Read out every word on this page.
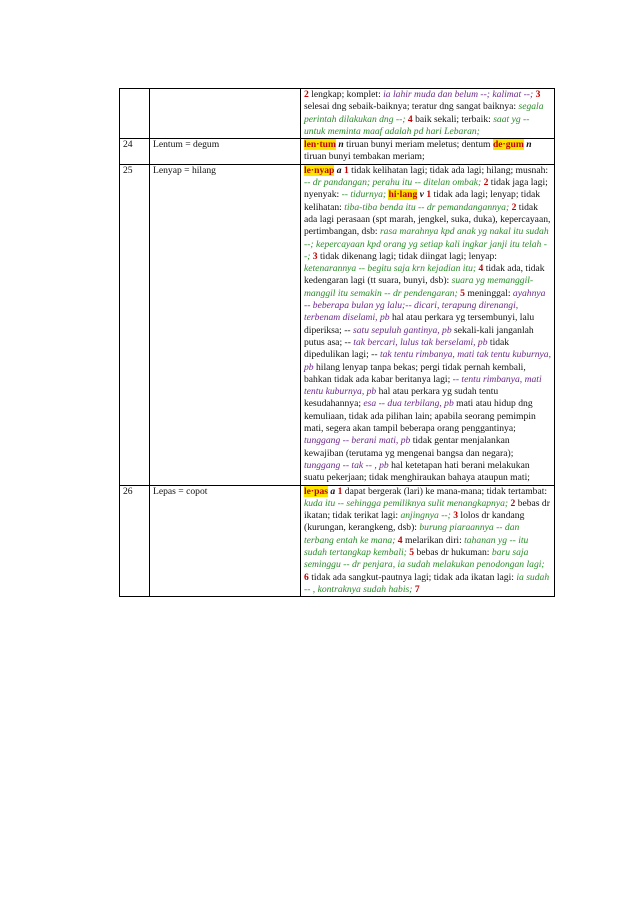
		2 lengkap; komplet: ia lahir muda dan belum --; kalimat --; 3 selesai dng sebaik-baiknya; teratur dng sangat baiknya: segala perintah dilakukan dng --; 4 baik sekali; terbaik: saat yg -- untuk meminta maaf adalah pd hari Lebaran;

24	Lentum = degum	len·tum n tiruan bunyi meriam meletus; dentum de·gum n tiruan bunyi tembakan meriam;

25	Lenyap = hilang	le·nyap a 1 tidak kelihatan lagi; tidak ada lagi; hilang; musnah: -- dr pandangan; perahu itu -- ditelan ombak; 2 tidak jaga lagi; nyenyak: -- tidurnya; hi·lang v 1 tidak ada lagi; lenyap; tidak kelihatan: tiba-tiba benda itu -- dr pemandangannya; 2 tidak ada lagi perasaan (spt marah, jengkel, suka, duka), kepercayaan, pertimbangan, dsb: rasa marahnya kpd anak yg nakal itu sudah --; kepercayaan kpd orang yg setiap kali ingkar janji itu telah --; 3 tidak dikenang lagi; tidak diingat lagi; lenyap: ketenarannya -- begitu saja krn kejadian itu; 4 tidak ada, tidak kedengaran lagi (tt suara, bunyi, dsb): suara yg memanggil-manggil itu semakin -- dr pendengaran; 5 meninggal: ayahnya -- beberapa bulan yg lalu;-- dicari, terapung direnangi, terbenam diselami, pb hal atau perkara yg tersembunyi, lalu diperiksa; -- satu sepuluh gantinya, pb sekali-kali janganlah putus asa; -- tak bercari, lulus tak berselami, pb tidak dipedulikan lagi; -- tak tentu rimbanya, mati tak tentu kuburnya, pb hilang lenyap tanpa bekas; pergi tidak pernah kembali, bahkan tidak ada kabar beritanya lagi; -- tentu rimbanya, mati tentu kuburnya, pb hal atau perkara yg sudah tentu kesudahannya; esa -- dua terbilang, pb mati atau hidup dng kemuliaan, tidak ada pilihan lain; apabila seorang pemimpin mati, segera akan tampil beberapa orang penggantinya; tunggang -- berani mati, pb tidak gentar menjalankan kewajiban (terutama yg mengenai bangsa dan negara); tunggang -- tak -- , pb hal ketetapan hati berani melakukan suatu pekerjaan; tidak menghiraukan bahaya ataupun mati;

26	Lepas = copot	le·pas a 1 dapat bergerak (lari) ke mana-mana; tidak tertambat: kuda itu -- sehingga pemiliknya sulit menangkapnya; 2 bebas dr ikatan; tidak terikat lagi: anjingnya --; 3 lolos dr kandang (kurungan, kerangkeng, dsb): burung piaraannya -- dan terbang entah ke mana; 4 melarikan diri: tahanan yg -- itu sudah tertangkap kembali; 5 bebas dr hukuman: baru saja seminggu -- dr penjara, ia sudah melakukan penodongan lagi; 6 tidak ada sangkut-pautnya lagi; tidak ada ikatan lagi: ia sudah -- , kontraknya sudah habis; 7
